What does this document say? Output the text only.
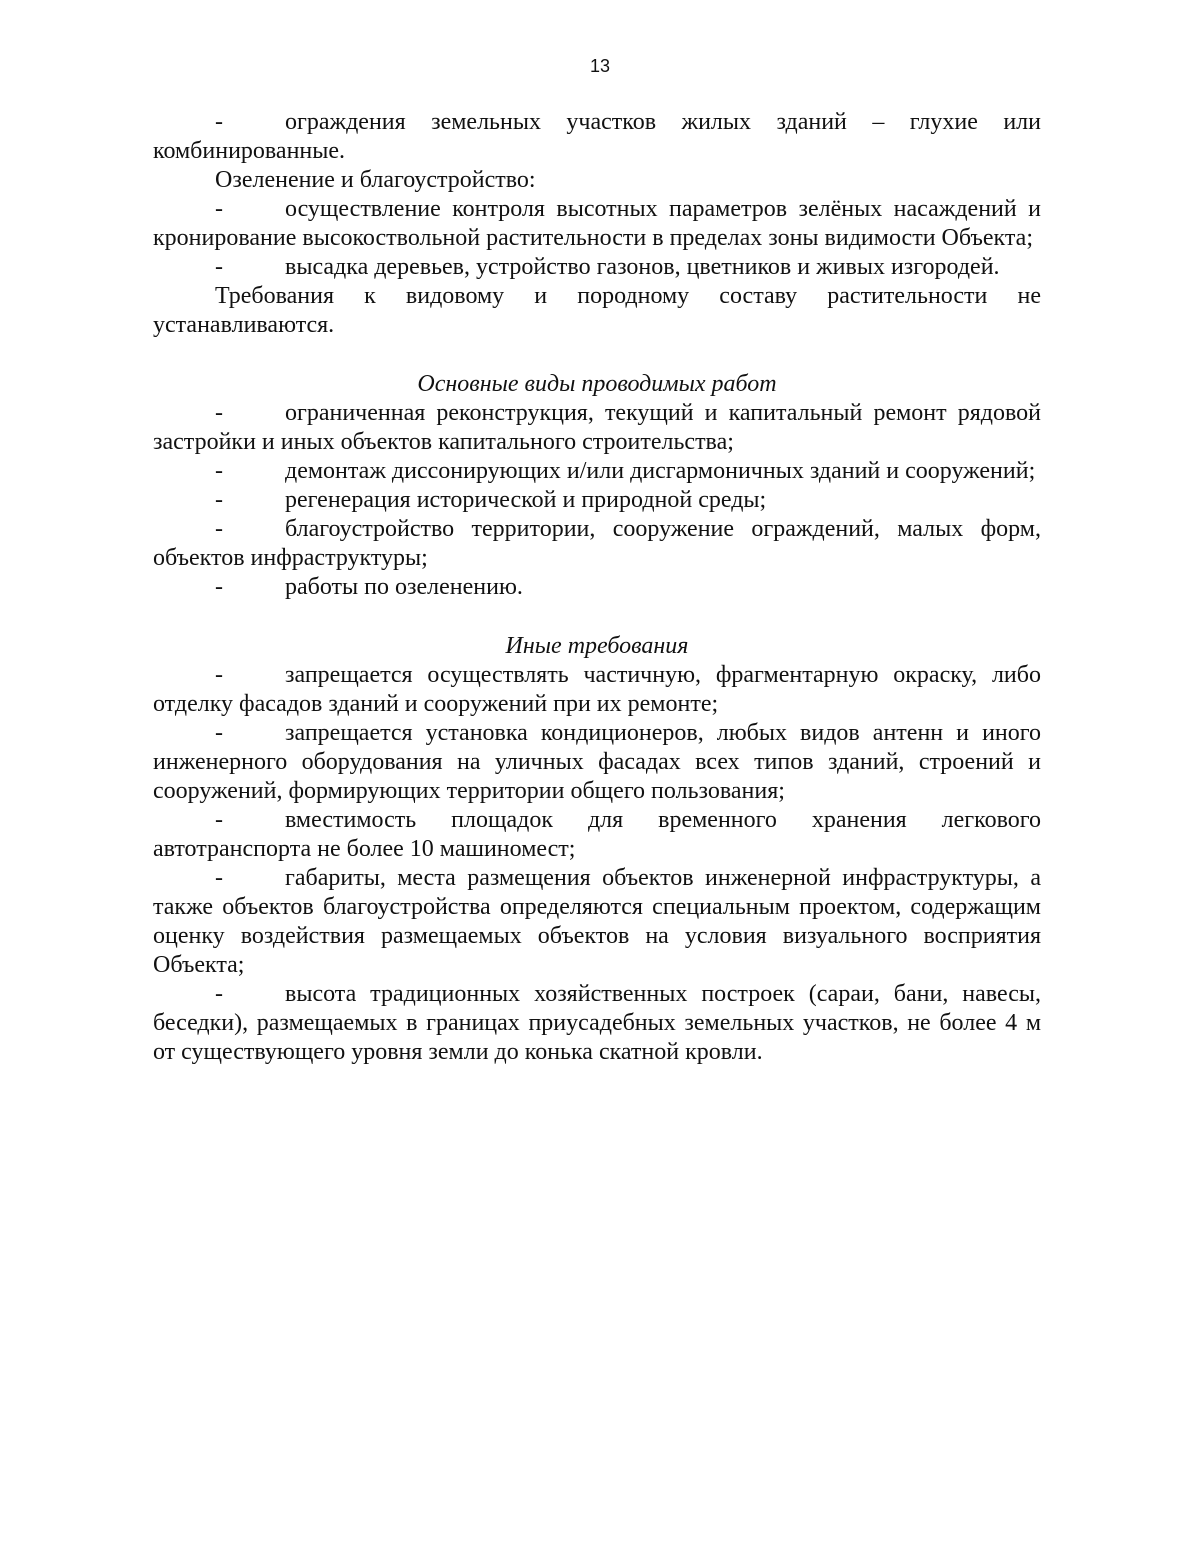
13

-	ограждения земельных участков жилых зданий – глухие или комбинированные.

Озеленение и благоустройство:

-	осуществление контроля высотных параметров зелёных насаждений и кронирование высокоствольной растительности в пределах зоны видимости Объекта;

-	высадка деревьев, устройство газонов, цветников и живых изгородей.

Требования к видовому и породному составу растительности не устанавливаются.

Основные виды проводимых работ

-	ограниченная реконструкция, текущий и капитальный ремонт рядовой застройки и иных объектов капитального строительства;

-	демонтаж диссонирующих и/или дисгармоничных зданий и сооружений;

-	регенерация исторической и природной среды;

-	благоустройство территории, сооружение ограждений, малых форм, объектов инфраструктуры;

-	работы по озеленению.

Иные требования

-	запрещается осуществлять частичную, фрагментарную окраску, либо отделку фасадов зданий и сооружений при их ремонте;

-	запрещается установка кондиционеров, любых видов антенн и иного инженерного оборудования на уличных фасадах всех типов зданий, строений и сооружений, формирующих территории общего пользования;

-	вместимость площадок для временного хранения легкового автотранспорта не более 10 машиномест;

-	габариты, места размещения объектов инженерной инфраструктуры, а также объектов благоустройства определяются специальным проектом, содержащим оценку воздействия размещаемых объектов на условия визуального восприятия Объекта;

-	высота традиционных хозяйственных построек (сараи, бани, навесы, беседки), размещаемых в границах приусадебных земельных участков, не более 4 м от существующего уровня земли до конька скатной кровли.
